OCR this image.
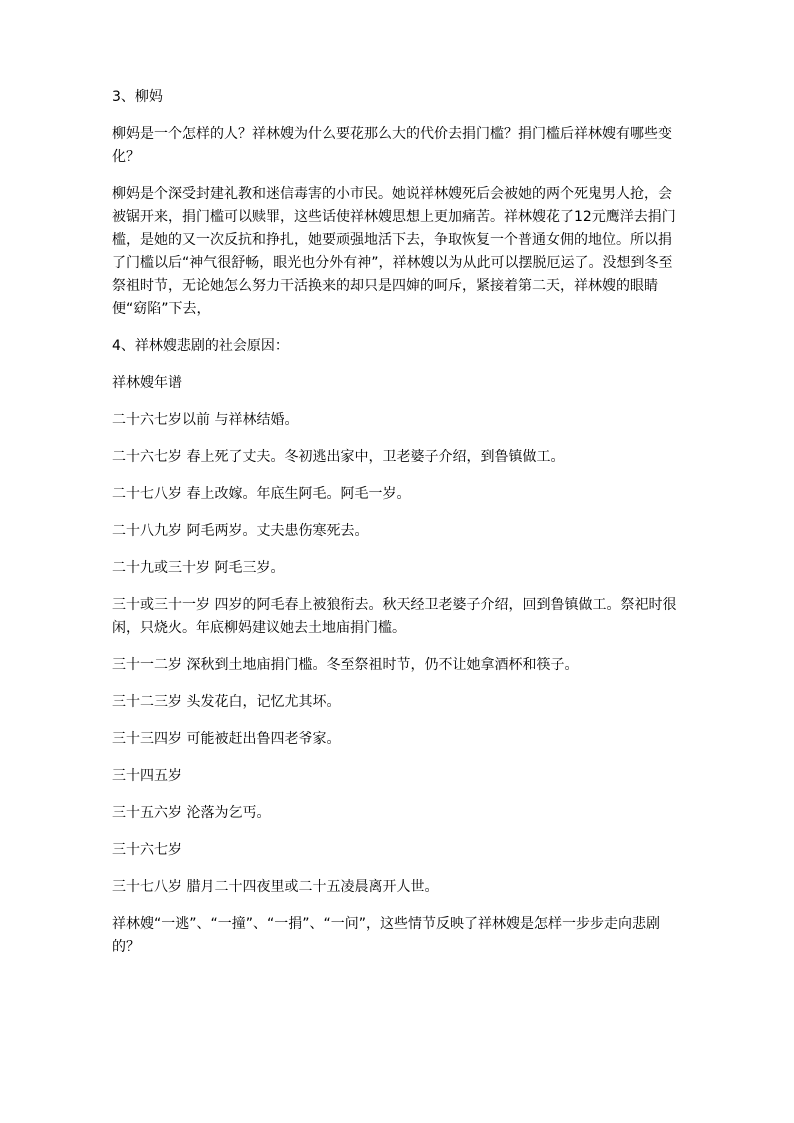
3、柳妈

柳妈是一个怎样的人？祥林嫂为什么要花那么大的代价去捐门槛？捐门槛后祥林嫂有哪些变化？

柳妈是个深受封建礼教和迷信毒害的小市民。她说祥林嫂死后会被她的两个死鬼男人抢，会被锯开来，捐门槛可以赎罪，这些话使祥林嫂思想上更加痛苦。祥林嫂花了12元鹰洋去捐门槛，是她的又一次反抗和挣扎，她要顽强地活下去，争取恢复一个普通女佣的地位。所以捐了门槛以后“神气很舒畅，眼光也分外有神”，祥林嫂以为从此可以摆脱厄运了。没想到冬至祭祖时节，无论她怎么努力干活换来的却只是四婶的呵斥，紧接着第二天，祥林嫂的眼睛便“窈陷”下去，

4、祥林嫂悲剧的社会原因：

祥林嫂年谱

二十六七岁以前 与祥林结婚。

二十六七岁 春上死了丈夫。冬初逃出家中，卫老婆子介绍，到鲁镇做工。

二十七八岁 春上改嫁。年底生阿毛。阿毛一岁。

二十八九岁 阿毛两岁。丈夫患伤寒死去。

二十九或三十岁 阿毛三岁。

三十或三十一岁 四岁的阿毛春上被狼衔去。秋天经卫老婆子介绍，回到鲁镇做工。祭祀时很闲，只烧火。年底柳妈建议她去土地庙捐门槛。

三十一二岁 深秋到土地庙捐门槛。冬至祭祖时节，仍不让她拿酒杯和筷子。

三十二三岁 头发花白，记忆尤其坏。

三十三四岁 可能被赶出鲁四老爷家。

三十四五岁

三十五六岁 沦落为乞丐。

三十六七岁

三十七八岁 腊月二十四夜里或二十五凌晨离开人世。

祥林嫂“一逃”、“一撞”、“一捐”、“一问”，这些情节反映了祥林嫂是怎样一步步走向悲剧的？
